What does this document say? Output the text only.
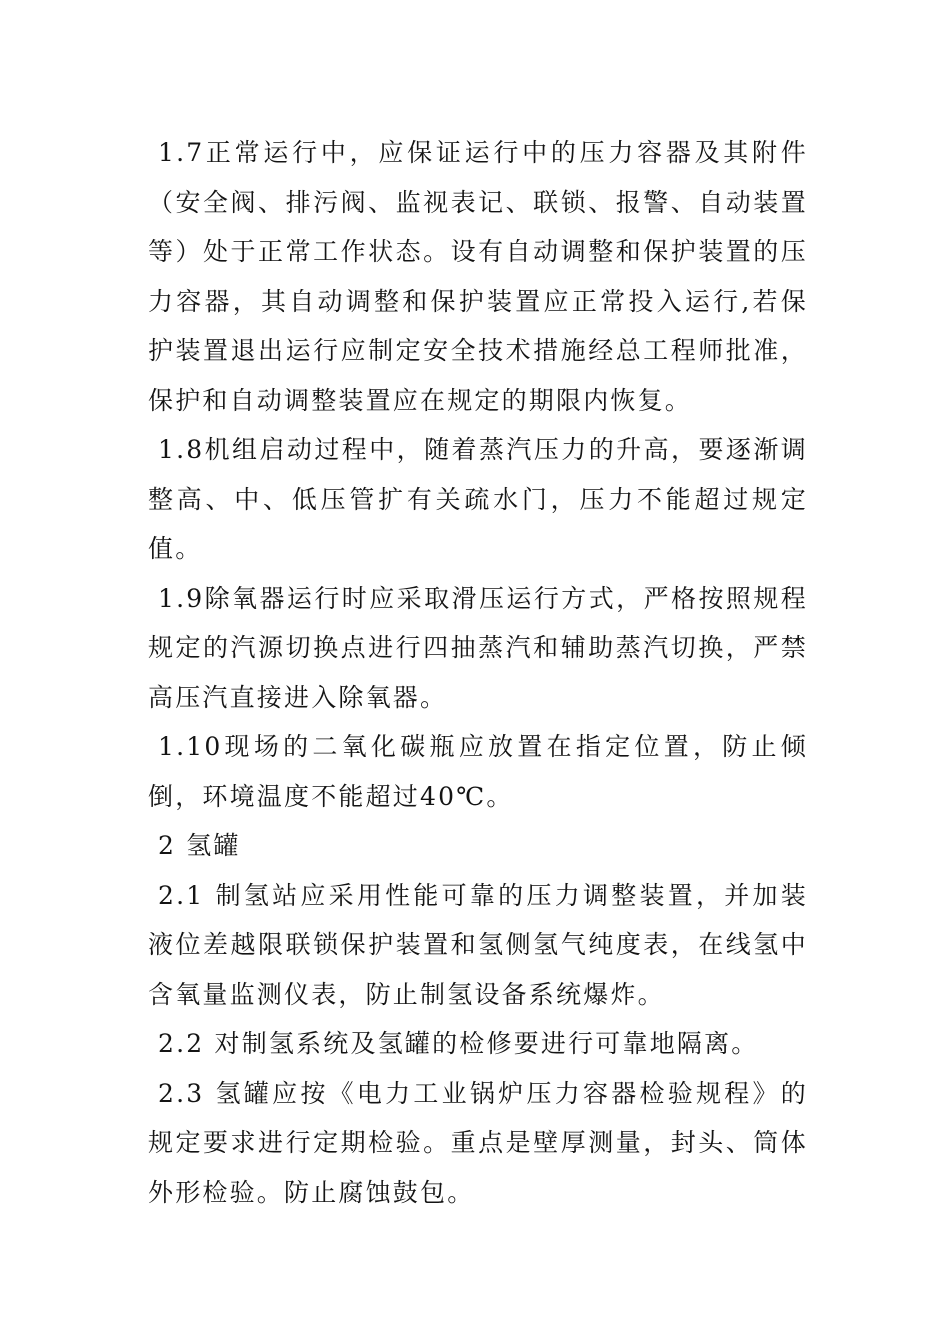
1.7正常运行中，应保证运行中的压力容器及其附件（安全阀、排污阀、监视表记、联锁、报警、自动装置等）处于正常工作状态。设有自动调整和保护装置的压力容器，其自动调整和保护装置应正常投入运行,若保护装置退出运行应制定安全技术措施经总工程师批准，保护和自动调整装置应在规定的期限内恢复。

1.8机组启动过程中，随着蒸汽压力的升高，要逐渐调整高、中、低压管扩有关疏水门，压力不能超过规定值。

1.9除氧器运行时应采取滑压运行方式，严格按照规程规定的汽源切换点进行四抽蒸汽和辅助蒸汽切换，严禁高压汽直接进入除氧器。

1.10现场的二氧化碳瓶应放置在指定位置，防止倾倒，环境温度不能超过40℃。

2 氢罐

2.1 制氢站应采用性能可靠的压力调整装置，并加装液位差越限联锁保护装置和氢侧氢气纯度表，在线氢中含氧量监测仪表，防止制氢设备系统爆炸。

2.2 对制氢系统及氢罐的检修要进行可靠地隔离。

2.3 氢罐应按《电力工业锅炉压力容器检验规程》的规定要求进行定期检验。重点是壁厚测量，封头、筒体外形检验。防止腐蚀鼓包。
